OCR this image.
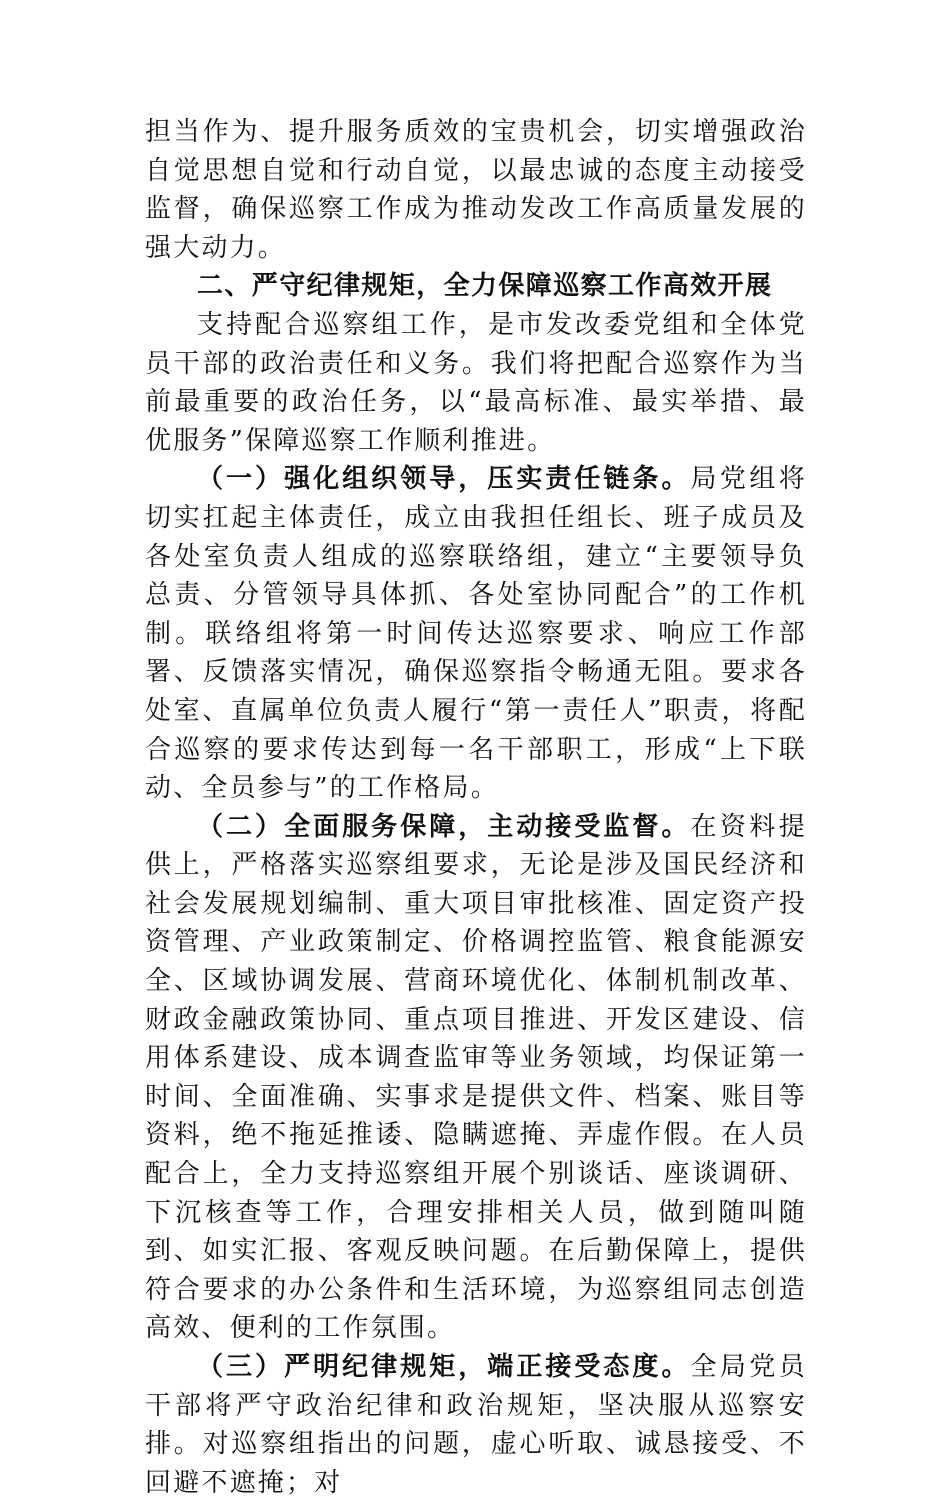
担当作为、提升服务质效的宝贵机会，切实增强政治自觉思想自觉和行动自觉，以最忠诚的态度主动接受监督，确保巡察工作成为推动发改工作高质量发展的强大动力。

二、严守纪律规矩，全力保障巡察工作高效开展

支持配合巡察组工作，是市发改委党组和全体党员干部的政治责任和义务。我们将把配合巡察作为当前最重要的政治任务，以“最高标准、最实举措、最优服务”保障巡察工作顺利推进。

（一）强化组织领导，压实责任链条。局党组将切实扛起主体责任，成立由我担任组长、班子成员及各处室负责人组成的巡察联络组，建立“主要领导负总责、分管领导具体抓、各处室协同配合”的工作机制。联络组将第一时间传达巡察要求、响应工作部署、反馈落实情况，确保巡察指令畅通无阻。要求各处室、直属单位负责人履行“第一责任人”职责，将配合巡察的要求传达到每一名干部职工，形成“上下联动、全员参与”的工作格局。

（二）全面服务保障，主动接受监督。在资料提供上，严格落实巡察组要求，无论是涉及国民经济和社会发展规划编制、重大项目审批核准、固定资产投资管理、产业政策制定、价格调控监管、粮食能源安全、区域协调发展、营商环境优化、体制机制改革、财政金融政策协同、重点项目推进、开发区建设、信用体系建设、成本调查监审等业务领域，均保证第一时间、全面准确、实事求是提供文件、档案、账目等资料，绝不拖延推诿、隐瞒遮掩、弄虚作假。在人员配合上，全力支持巡察组开展个别谈话、座谈调研、下沉核查等工作，合理安排相关人员，做到随叫随到、如实汇报、客观反映问题。在后勤保障上，提供符合要求的办公条件和生活环境，为巡察组同志创造高效、便利的工作氛围。

（三）严明纪律规矩，端正接受态度。全局党员干部将严守政治纪律和政治规矩，坚决服从巡察安排。对巡察组指出的问题，虚心听取、诚恳接受、不回避不遮掩；对
